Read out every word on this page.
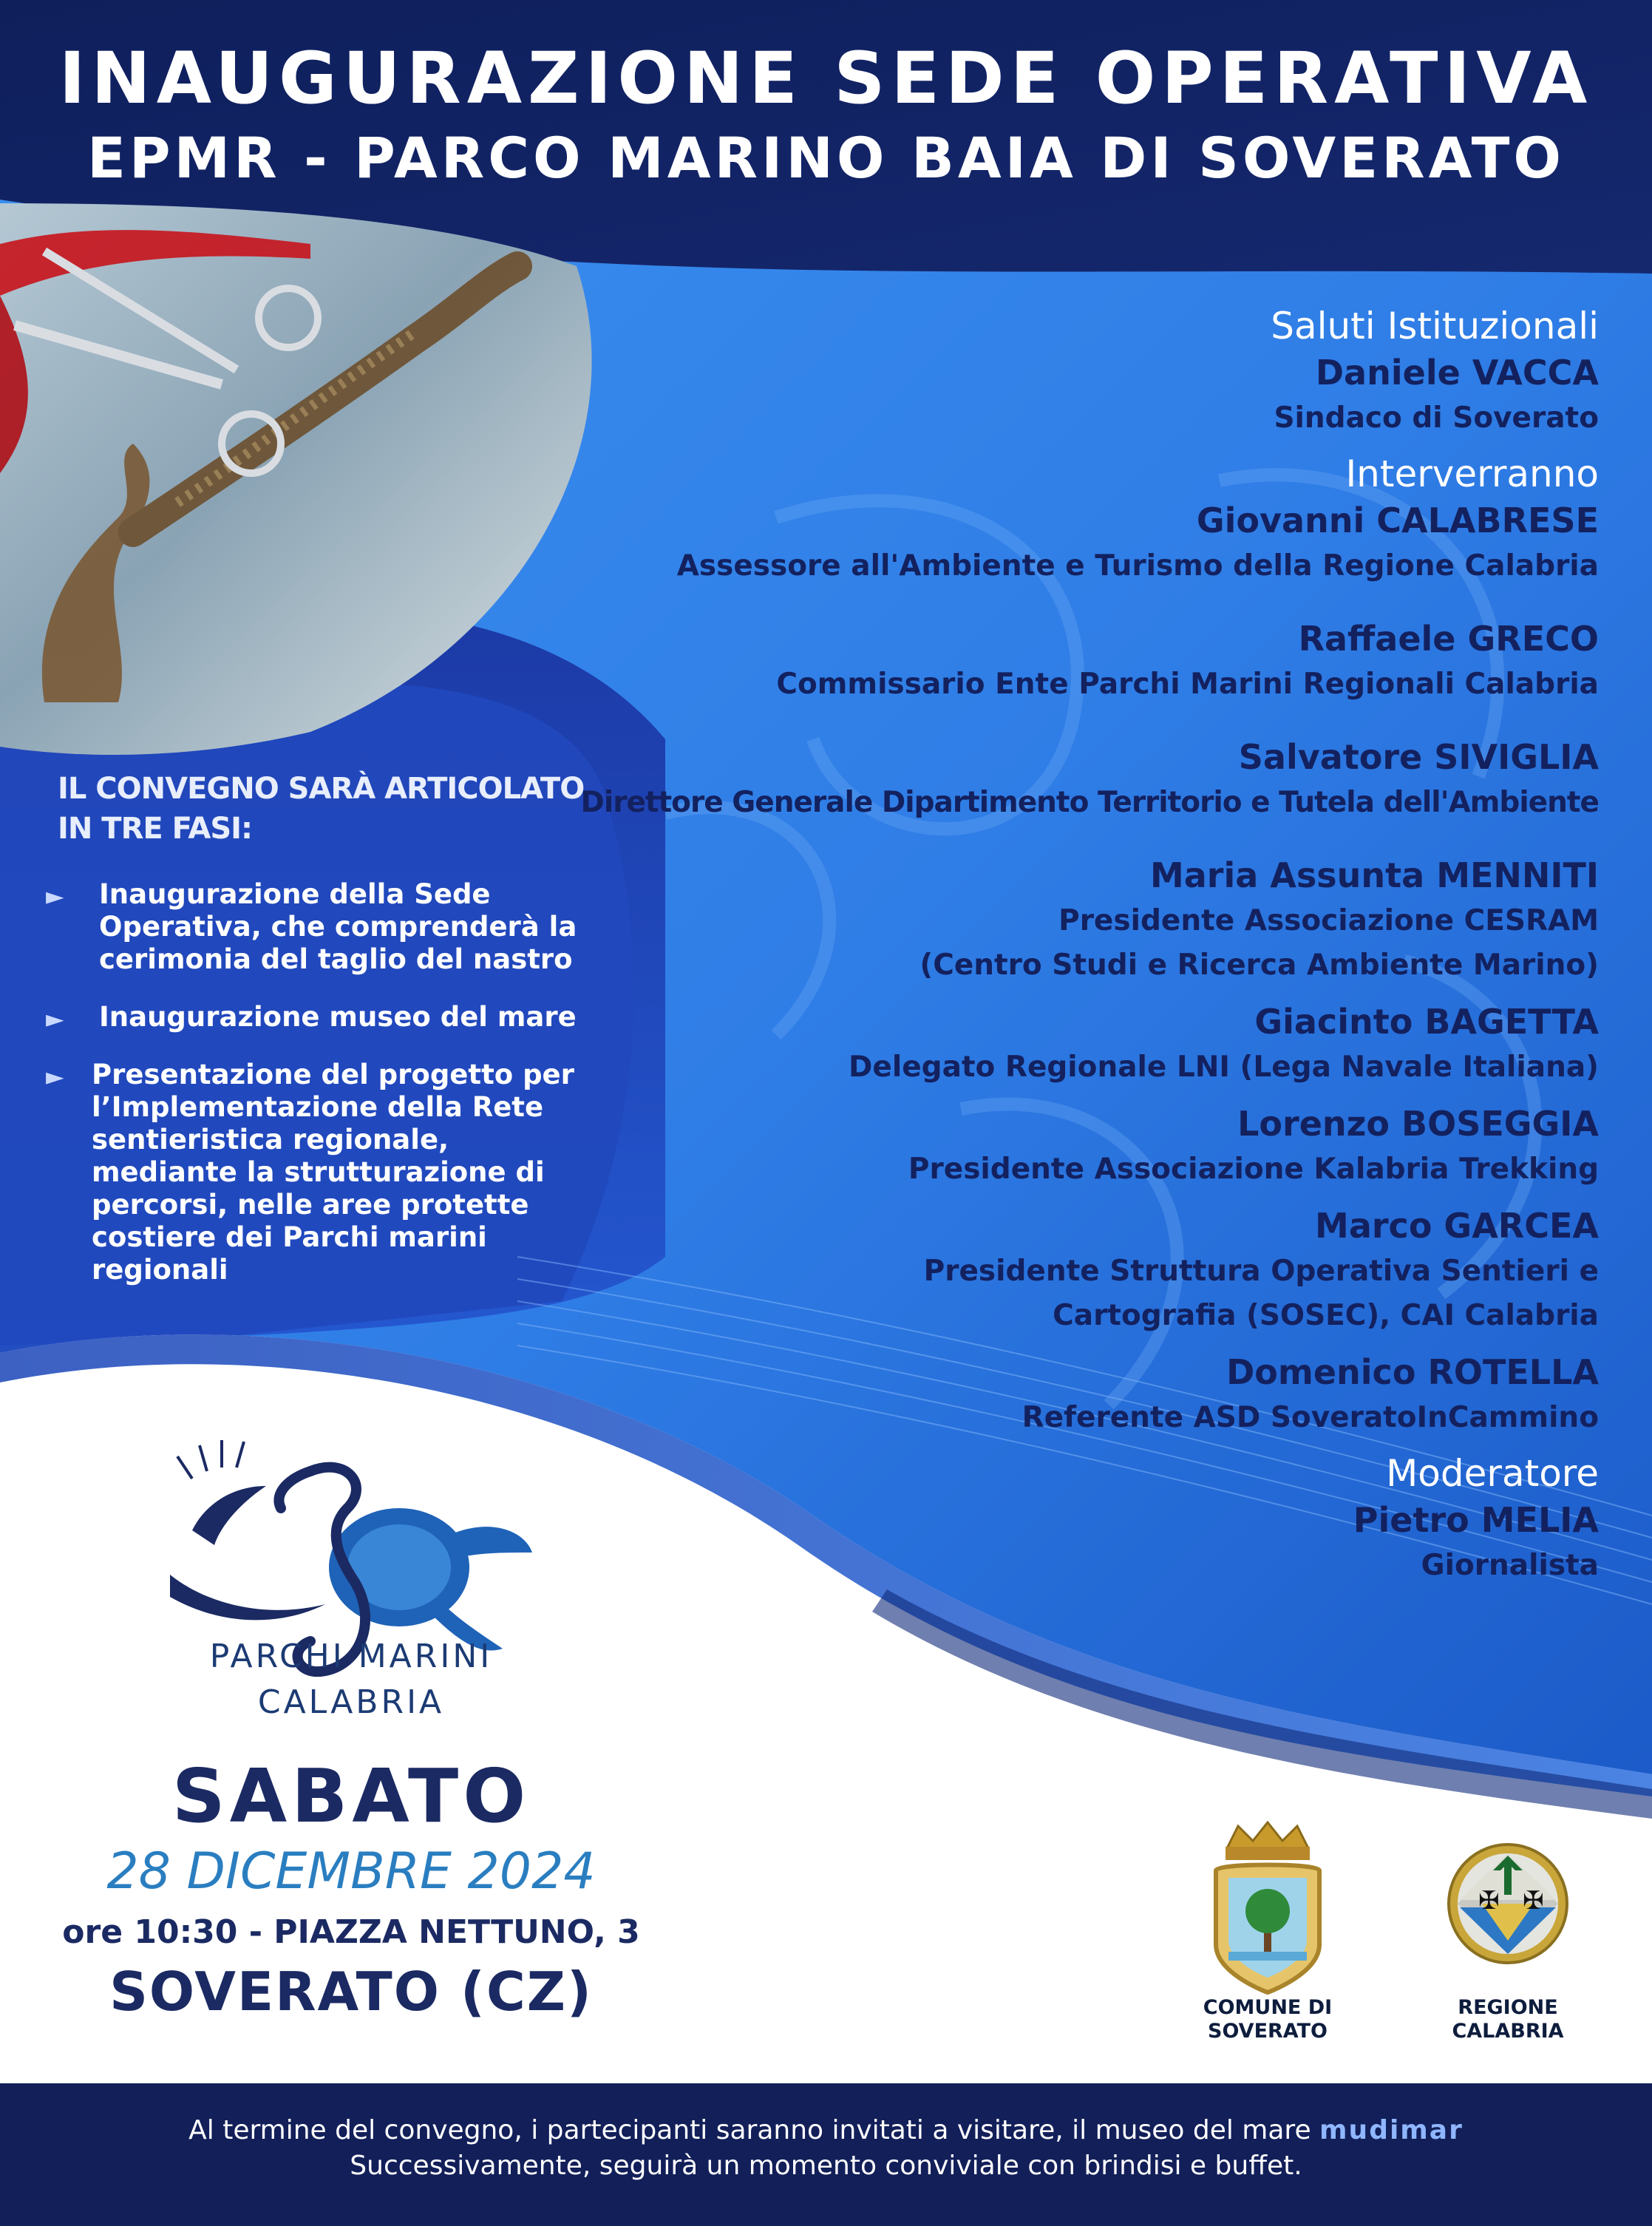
INAUGURAZIONE SEDE OPERATIVA
EPMR - PARCO MARINO BAIA DI SOVERATO
IL CONVEGNO SARÀ ARTICOLATO
IN TRE FASI:
► Inaugurazione della Sede Operativa, che comprenderà la cerimonia del taglio del nastro
► Inaugurazione museo del mare
► Presentazione del progetto per l’Implementazione della Rete sentieristica regionale, mediante la strutturazione di percorsi, nelle aree protette costiere dei Parchi marini regionali
Saluti Istituzionali
Daniele VACCA
Sindaco di Soverato
Interverranno
Giovanni CALABRESE
Assessore all'Ambiente e Turismo della Regione Calabria
Raffaele GRECO
Commissario Ente Parchi Marini Regionali Calabria
Salvatore SIVIGLIA
Direttore Generale Dipartimento Territorio e Tutela dell'Ambiente
Maria Assunta MENNITI
Presidente Associazione CESRAM
(Centro Studi e Ricerca Ambiente Marino)
Giacinto BAGETTA
Delegato Regionale LNI (Lega Navale Italiana)
Lorenzo BOSEGGIA
Presidente Associazione Kalabria Trekking
Marco GARCEA
Presidente Struttura Operativa Sentieri e
Cartografia (SOSEC), CAI Calabria
Domenico ROTELLA
Referente ASD SoveratoInCammino
Moderatore
Pietro MELIA
Giornalista
PARCHI MARINI
CALABRIA
SABATO
28 DICEMBRE 2024
ore 10:30 - PIAZZA NETTUNO, 3
SOVERATO (CZ)	COMUNE DI
SOVERATO
✠ ✠
REGIONE
CALABRIA
Al termine del convegno, i partecipanti saranno invitati a visitare, il museo del mare mudimar
Successivamente, seguirà un momento conviviale con brindisi e buffet.
